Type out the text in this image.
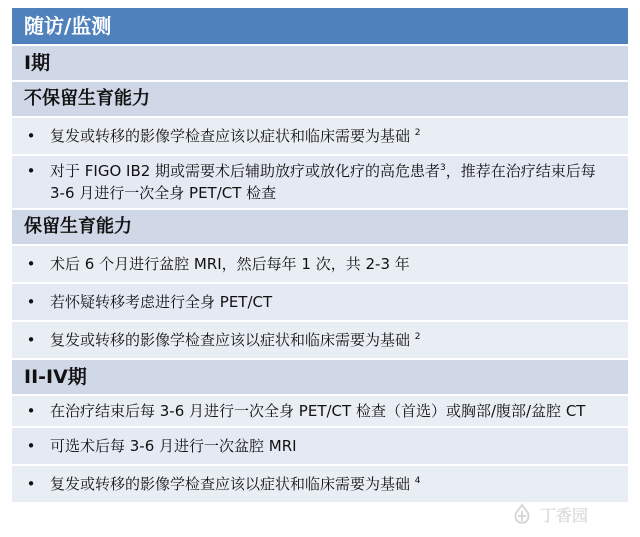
随访/监测
I期
不保留生育能力
• 复发或转移的影像学检查应该以症状和临床需要为基础 $^2$
• 对于 FIGO IB2 期或需要术后辅助放疗或放化疗的高危患者$^3$，推荐在治疗结束后每 3-6 月进行一次全身 PET/CT 检查
保留生育能力
• 术后 6 个月进行盆腔 MRI，然后每年 1 次，共 2-3 年
• 若怀疑转移考虑进行全身 PET/CT
• 复发或转移的影像学检查应该以症状和临床需要为基础 $^2$
II-IV期
• 在治疗结束后每 3-6 月进行一次全身 PET/CT 检查（首选）或胸部/腹部/盆腔 CT
• 可选术后每 3-6 月进行一次盆腔 MRI
• 复发或转移的影像学检查应该以症状和临床需要为基础 $^4$
丁香园
